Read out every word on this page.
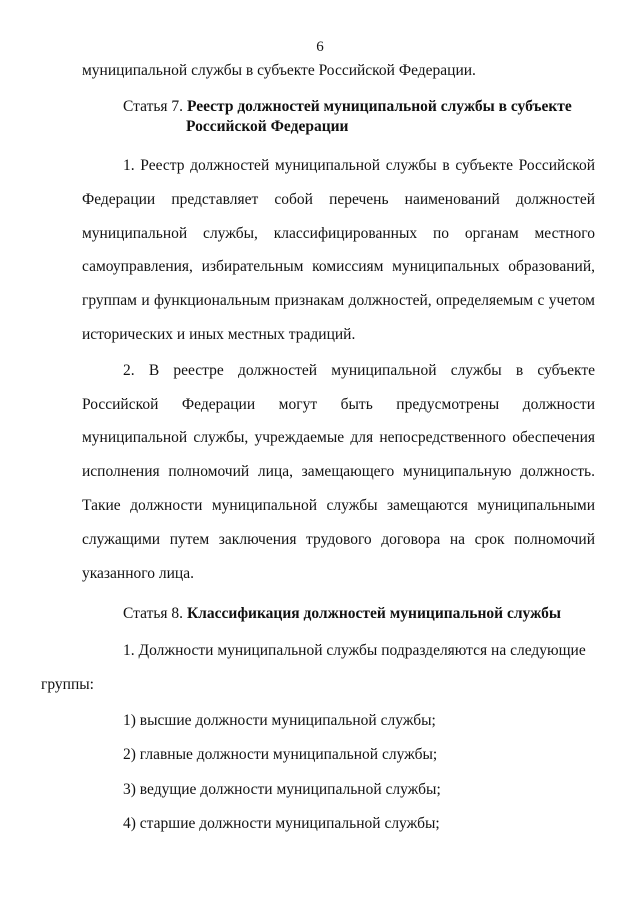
6

муниципальной службы в субъекте Российской Федерации.

Статья 7. Реестр должностей муниципальной службы в субъекте
Российской Федерации

1. Реестр должностей муниципальной службы в субъекте Российской Федерации представляет собой перечень наименований должностей муниципальной службы, классифицированных по органам местного самоуправления, избирательным комиссиям муниципальных образований, группам и функциональным признакам должностей, определяемым с учетом исторических и иных местных традиций.

2. В реестре должностей муниципальной службы в субъекте Российской Федерации могут быть предусмотрены должности муниципальной службы, учреждаемые для непосредственного обеспечения исполнения полномочий лица, замещающего муниципальную должность. Такие должности муниципальной службы замещаются муниципальными служащими путем заключения трудового договора на срок полномочий указанного лица.

Статья 8. Классификация должностей муниципальной службы

1. Должности муниципальной службы подразделяются на следующие
группы:

1) высшие должности муниципальной службы;
2) главные должности муниципальной службы;
3) ведущие должности муниципальной службы;
4) старшие должности муниципальной службы;
